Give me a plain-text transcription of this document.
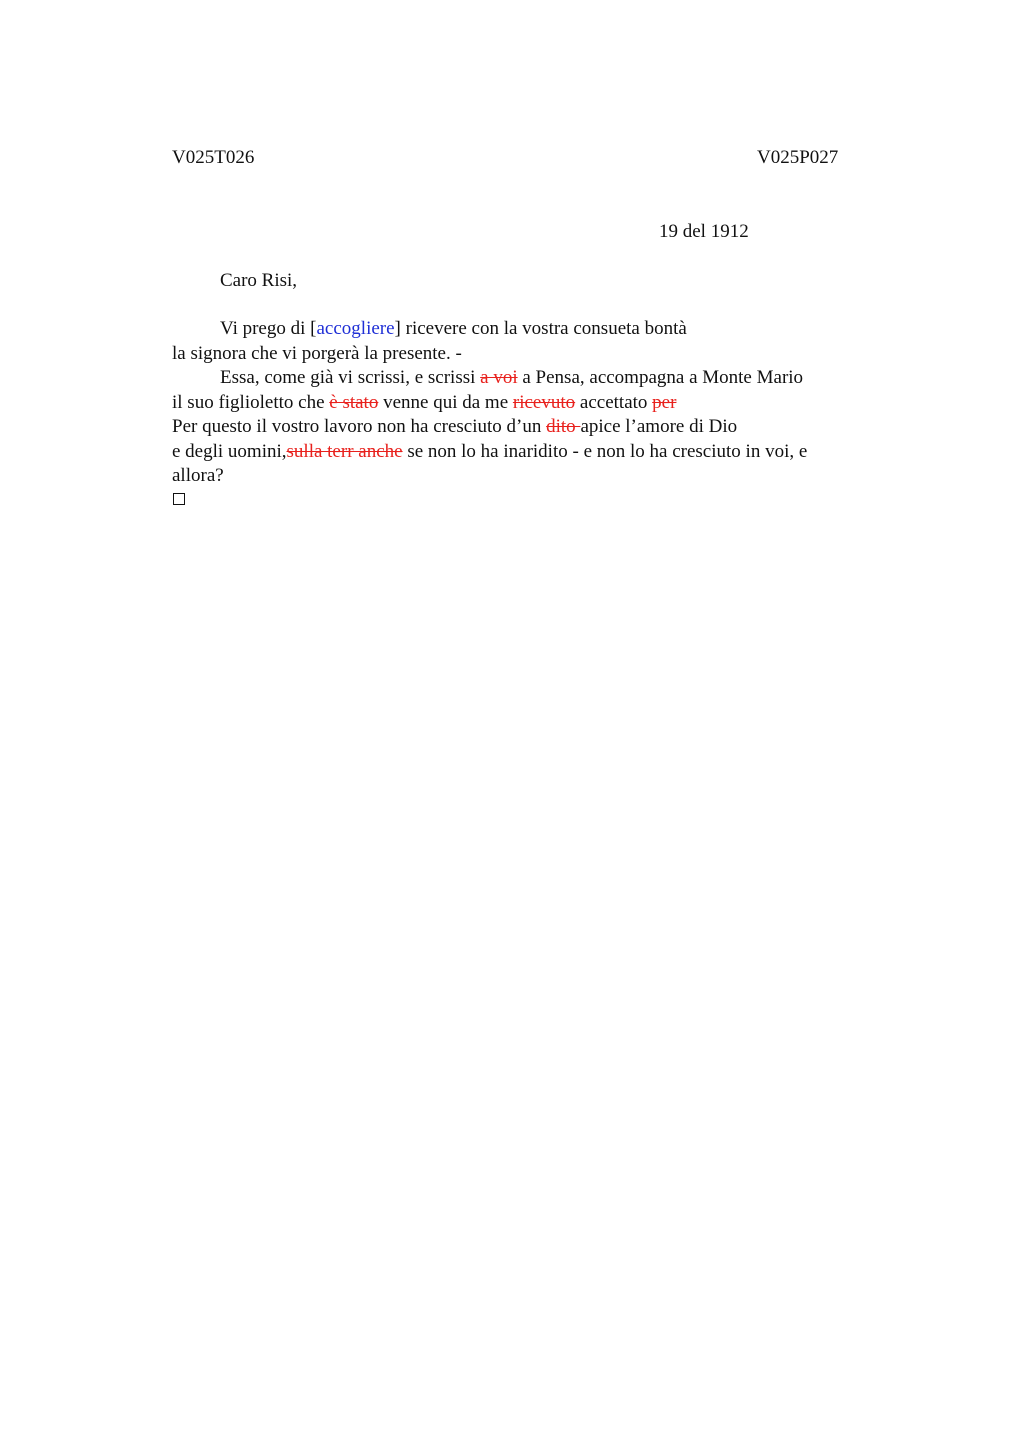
V025T026	V025P027
19 del 1912
Caro Risi,
Vi prego di [accogliere] ricevere con la vostra consueta bontà
la signora che vi porgerà la presente. -
Essa, come già vi scrissi, e scrissi a voi a Pensa, accompagna a Monte Mario
il suo figlioletto che è stato venne qui da me ricevuto accettato per
Per questo il vostro lavoro non ha cresciuto d’un dito apice l’amore di Dio
e degli uomini,sulla terr anche se non lo ha inaridito - e non lo ha cresciuto in voi, e
allora?
